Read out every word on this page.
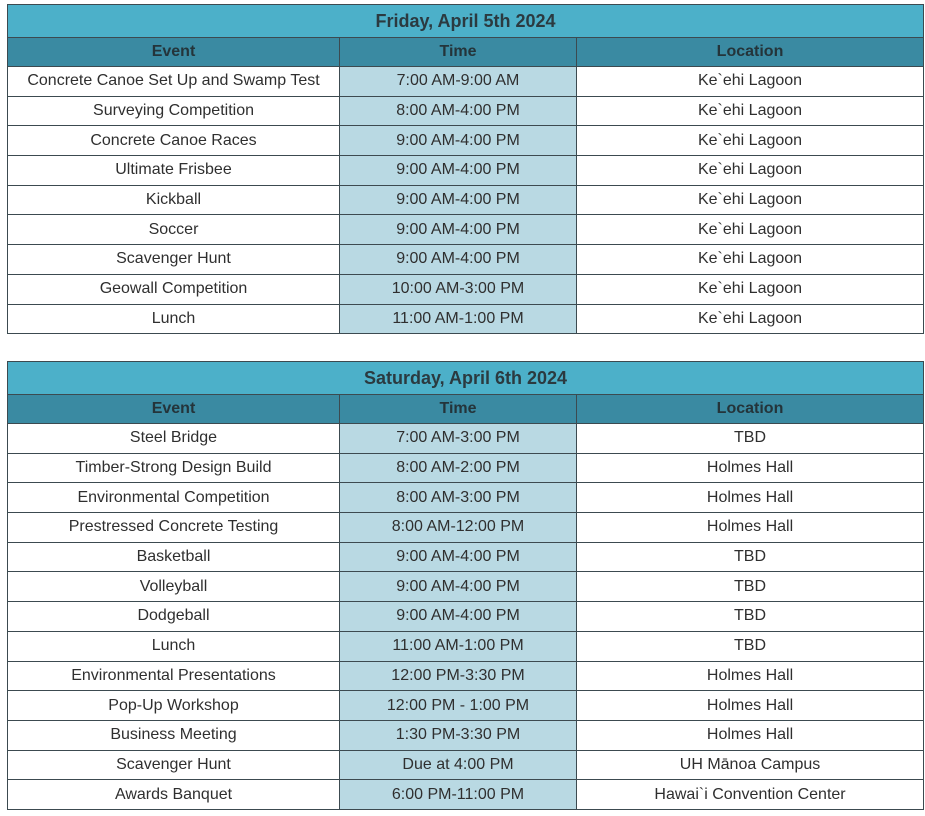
Friday, April 5th 2024		
Event	Time	Location
Concrete Canoe Set Up and Swamp Test	7:00 AM-9:00 AM	Ke`ehi Lagoon
Surveying Competition	8:00 AM-4:00 PM	Ke`ehi Lagoon
Concrete Canoe Races	9:00 AM-4:00 PM	Ke`ehi Lagoon
Ultimate Frisbee	9:00 AM-4:00 PM	Ke`ehi Lagoon
Kickball	9:00 AM-4:00 PM	Ke`ehi Lagoon
Soccer	9:00 AM-4:00 PM	Ke`ehi Lagoon
Scavenger Hunt	9:00 AM-4:00 PM	Ke`ehi Lagoon
Geowall Competition	10:00 AM-3:00 PM	Ke`ehi Lagoon
Lunch	11:00 AM-1:00 PM	Ke`ehi Lagoon
Saturday, April 6th 2024		
Event	Time	Location
Steel Bridge	7:00 AM-3:00 PM	TBD
Timber-Strong Design Build	8:00 AM-2:00 PM	Holmes Hall
Environmental Competition	8:00 AM-3:00 PM	Holmes Hall
Prestressed Concrete Testing	8:00 AM-12:00 PM	Holmes Hall
Basketball	9:00 AM-4:00 PM	TBD
Volleyball	9:00 AM-4:00 PM	TBD
Dodgeball	9:00 AM-4:00 PM	TBD
Lunch	11:00 AM-1:00 PM	TBD
Environmental Presentations	12:00 PM-3:30 PM	Holmes Hall
Pop-Up Workshop	12:00 PM - 1:00 PM	Holmes Hall
Business Meeting	1:30 PM-3:30 PM	Holmes Hall
Scavenger Hunt	Due at 4:00 PM	UH Mānoa Campus
Awards Banquet	6:00 PM-11:00 PM	Hawai`i Convention Center
